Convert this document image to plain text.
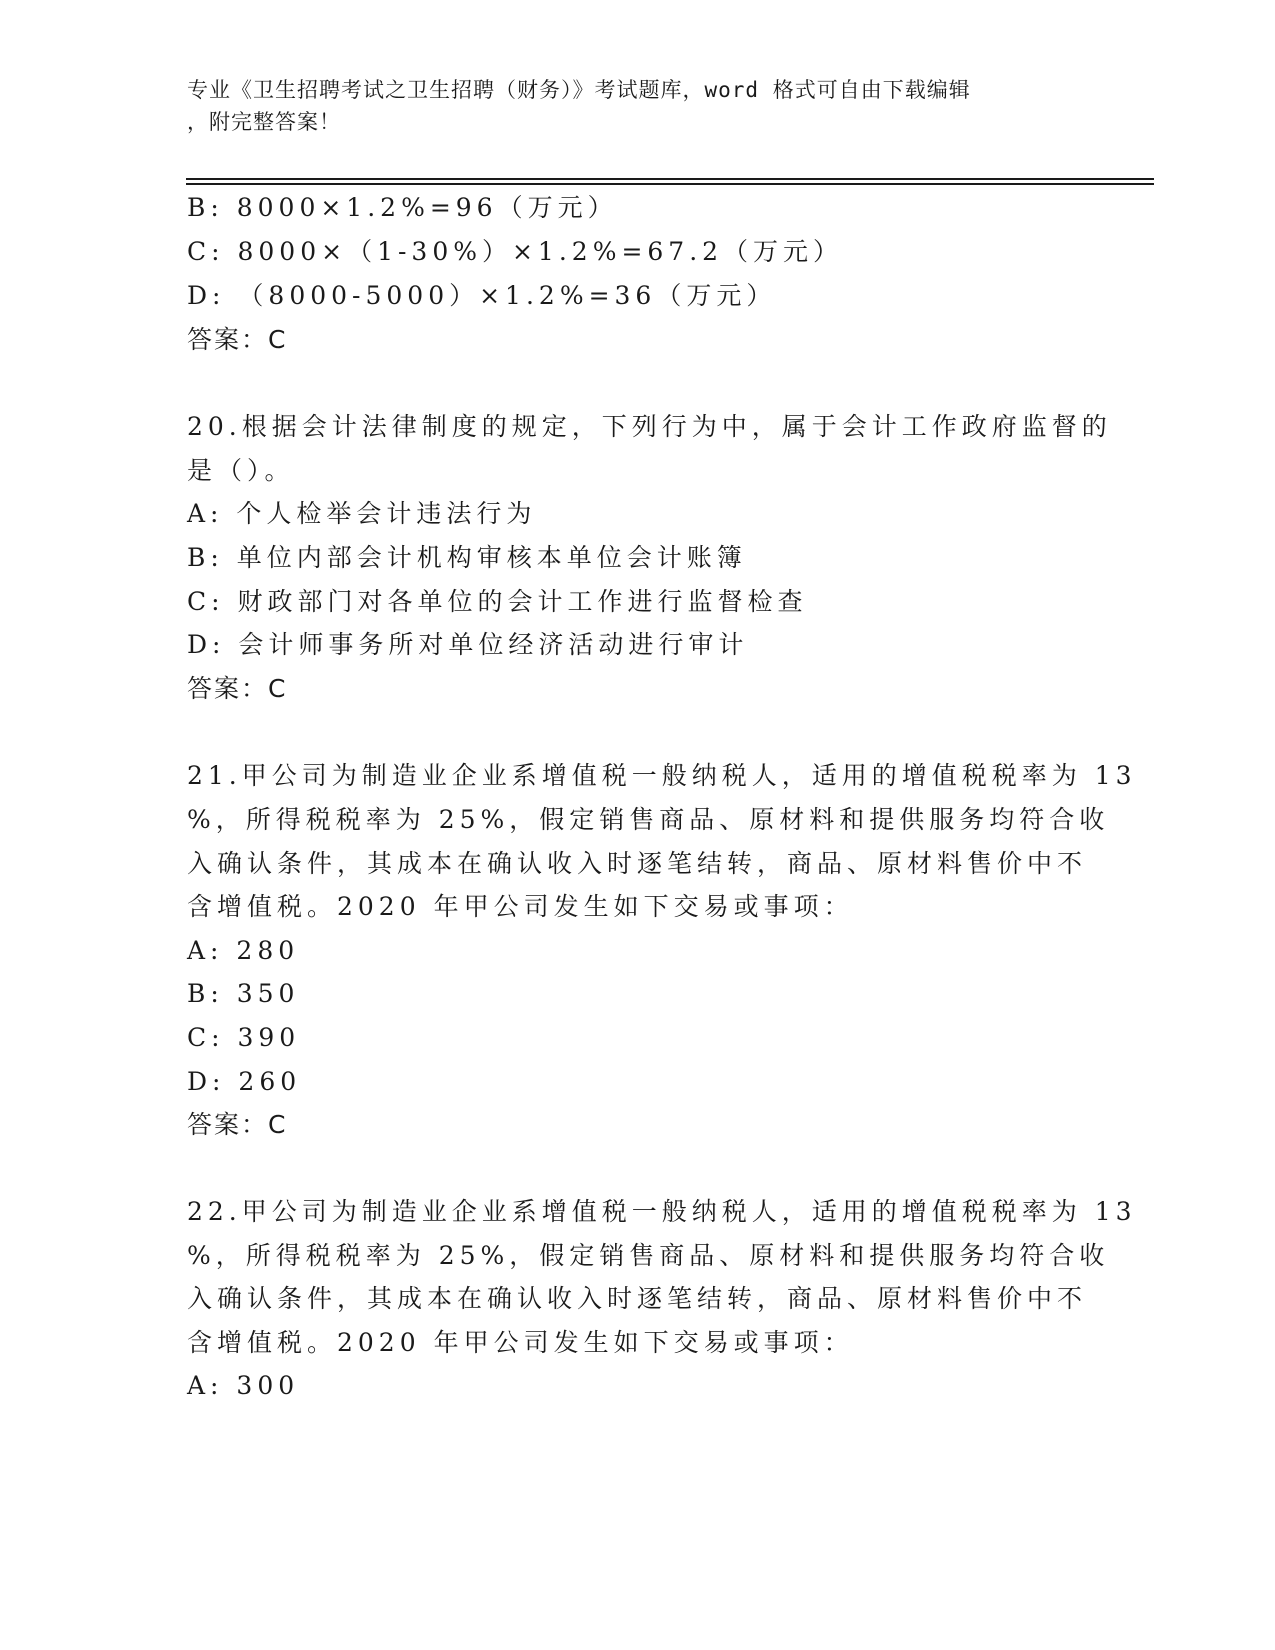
专业《卫生招聘考试之卫生招聘（财务）》考试题库，word 格式可自由下载编辑
，附完整答案！
B: 8000×1.2%=96（万元）
C: 8000×（1-30%）×1.2%=67.2（万元）
D: （8000-5000）×1.2%=36（万元）
答案：C
20.根据会计法律制度的规定，下列行为中，属于会计工作政府监督的
是（）。
A: 个人检举会计违法行为
B: 单位内部会计机构审核本单位会计账簿
C: 财政部门对各单位的会计工作进行监督检查
D: 会计师事务所对单位经济活动进行审计
答案：C
21.甲公司为制造业企业系增值税一般纳税人，适用的增值税税率为 13
%，所得税税率为 25%，假定销售商品、原材料和提供服务均符合收
入确认条件，其成本在确认收入时逐笔结转，商品、原材料售价中不
含增值税。2020 年甲公司发生如下交易或事项：
A: 280
B: 350
C: 390
D: 260
答案：C
22.甲公司为制造业企业系增值税一般纳税人，适用的增值税税率为 13
%，所得税税率为 25%，假定销售商品、原材料和提供服务均符合收
入确认条件，其成本在确认收入时逐笔结转，商品、原材料售价中不
含增值税。2020 年甲公司发生如下交易或事项：
A: 300
